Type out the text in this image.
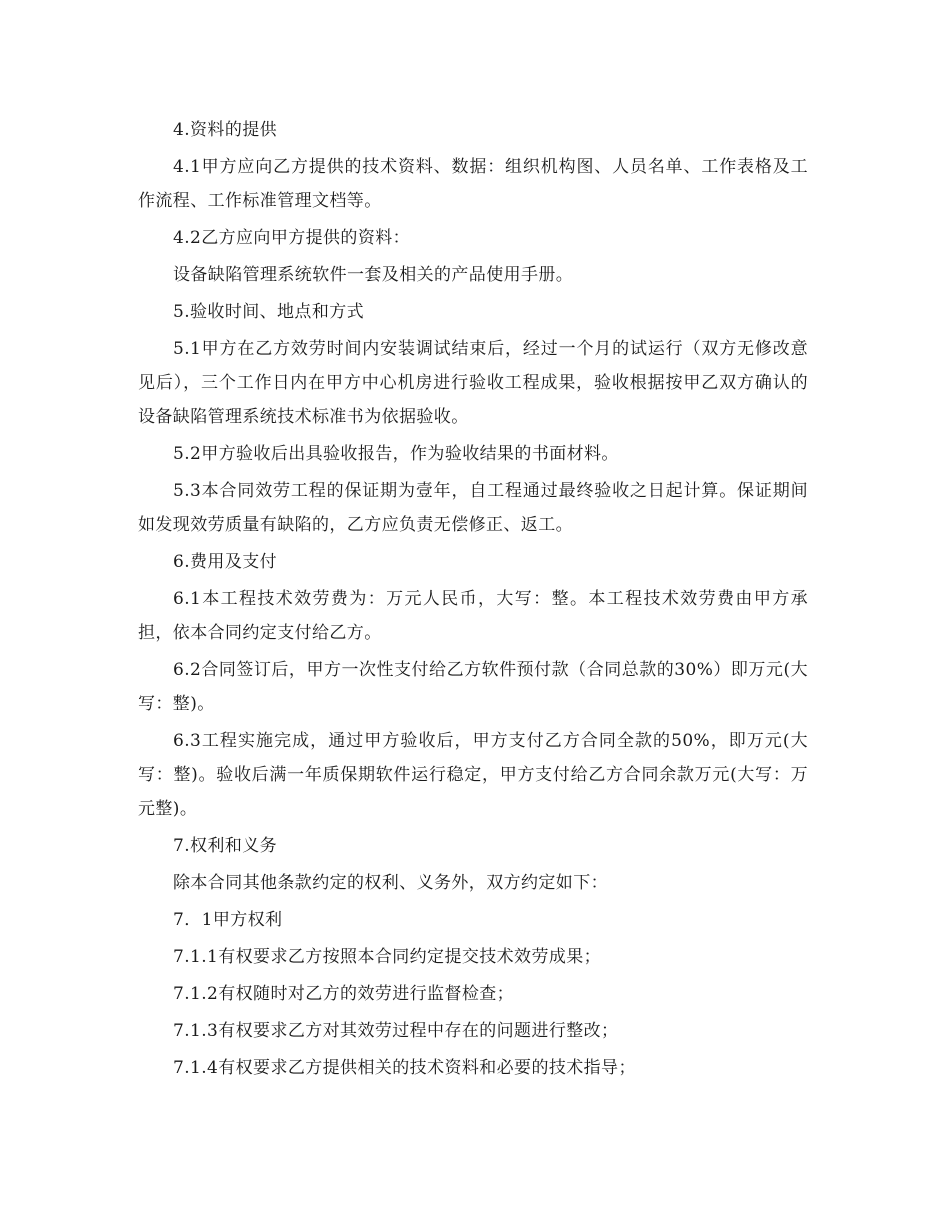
4.资料的提供

4.1甲方应向乙方提供的技术资料、数据：组织机构图、人员名单、工作表格及工作流程、工作标准管理文档等。

4.2乙方应向甲方提供的资料：

设备缺陷管理系统软件一套及相关的产品使用手册。

5.验收时间、地点和方式

5.1甲方在乙方效劳时间内安装调试结束后，经过一个月的试运行（双方无修改意见后），三个工作日内在甲方中心机房进行验收工程成果，验收根据按甲乙双方确认的设备缺陷管理系统技术标准书为依据验收。

5.2甲方验收后出具验收报告，作为验收结果的书面材料。

5.3本合同效劳工程的保证期为壹年，自工程通过最终验收之日起计算。保证期间如发现效劳质量有缺陷的，乙方应负责无偿修正、返工。

6.费用及支付

6.1本工程技术效劳费为：万元人民币，大写：整。本工程技术效劳费由甲方承担，依本合同约定支付给乙方。

6.2合同签订后，甲方一次性支付给乙方软件预付款（合同总款的30%）即万元(大写：整)。

6.3工程实施完成，通过甲方验收后，甲方支付乙方合同全款的50%，即万元(大写：整)。验收后满一年质保期软件运行稳定，甲方支付给乙方合同余款万元(大写：万元整)。

7.权利和义务

除本合同其他条款约定的权利、义务外，双方约定如下：

7．1甲方权利

7.1.1有权要求乙方按照本合同约定提交技术效劳成果；

7.1.2有权随时对乙方的效劳进行监督检查；

7.1.3有权要求乙方对其效劳过程中存在的问题进行整改；

7.1.4有权要求乙方提供相关的技术资料和必要的技术指导；
